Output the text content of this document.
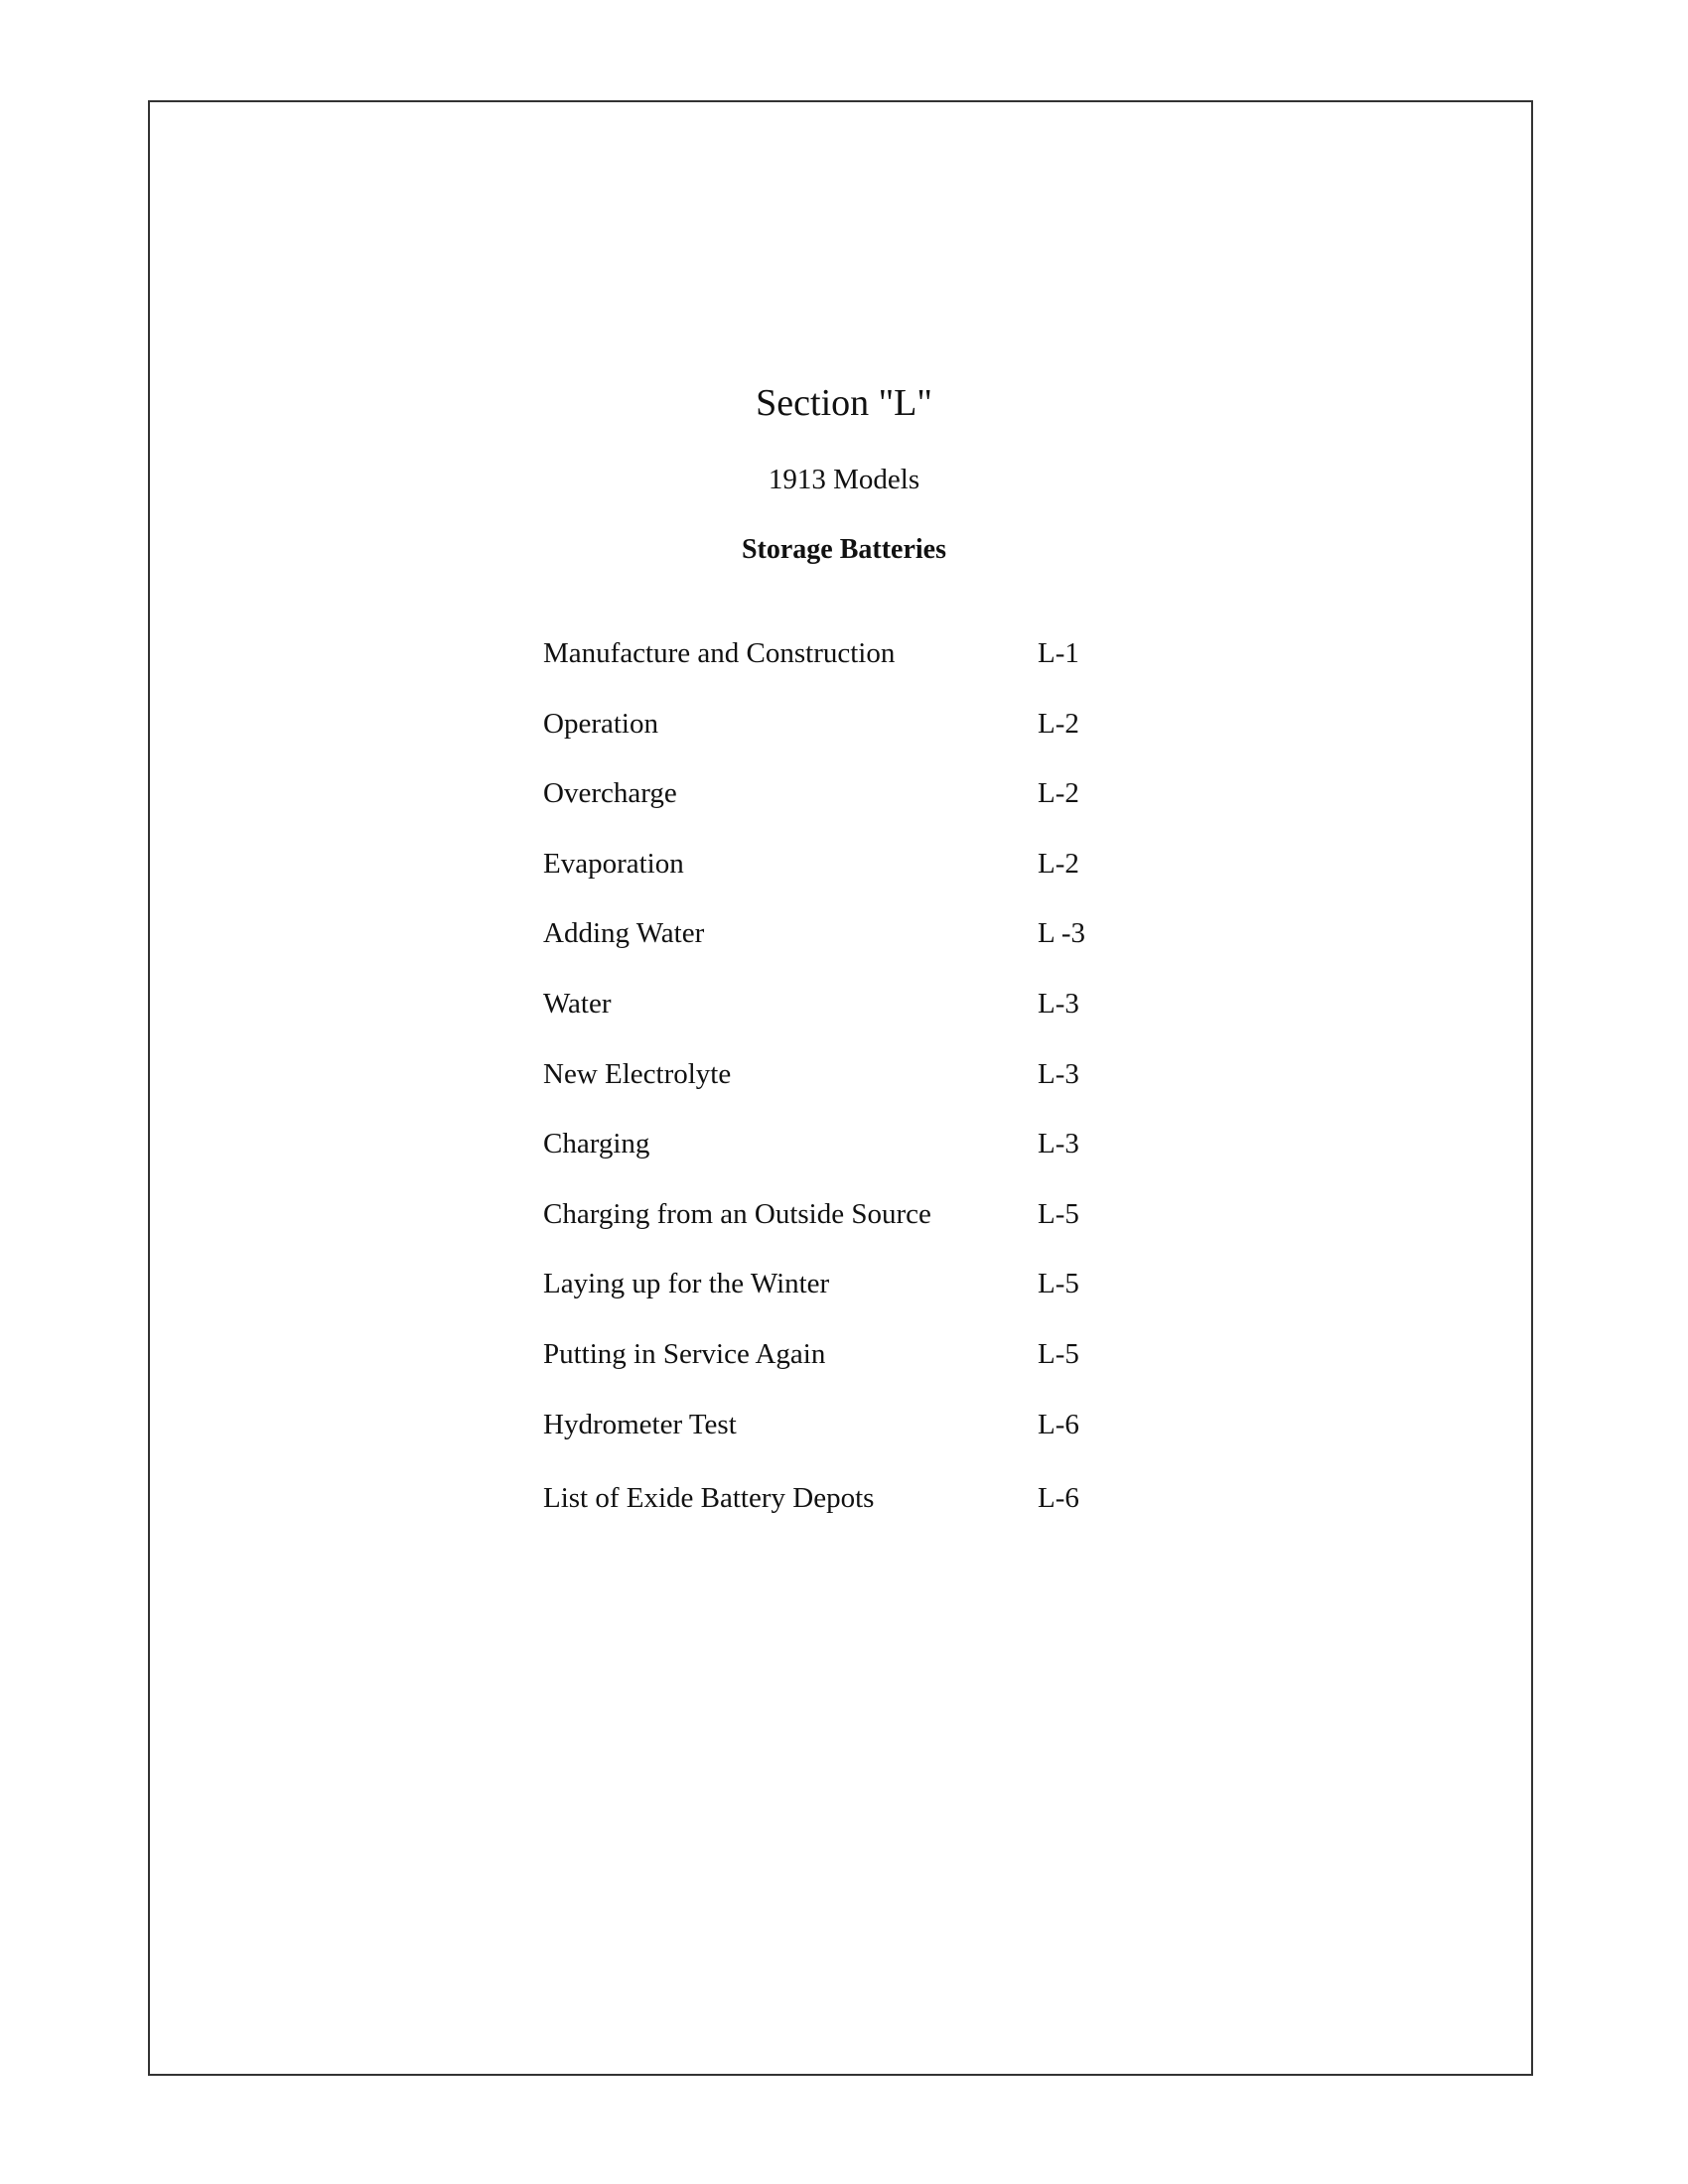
Section "L"
1913 Models
Storage Batteries
Manufacture and Construction	L-1
Operation	L-2
Overcharge	L-2
Evaporation	L-2
Adding Water	L -3
Water	L-3
New Electrolyte	L-3
Charging	L-3
Charging from an Outside Source	L-5
Laying up for the Winter	L-5
Putting in Service Again	L-5
Hydrometer Test	L-6
List of Exide Battery Depots	L-6
